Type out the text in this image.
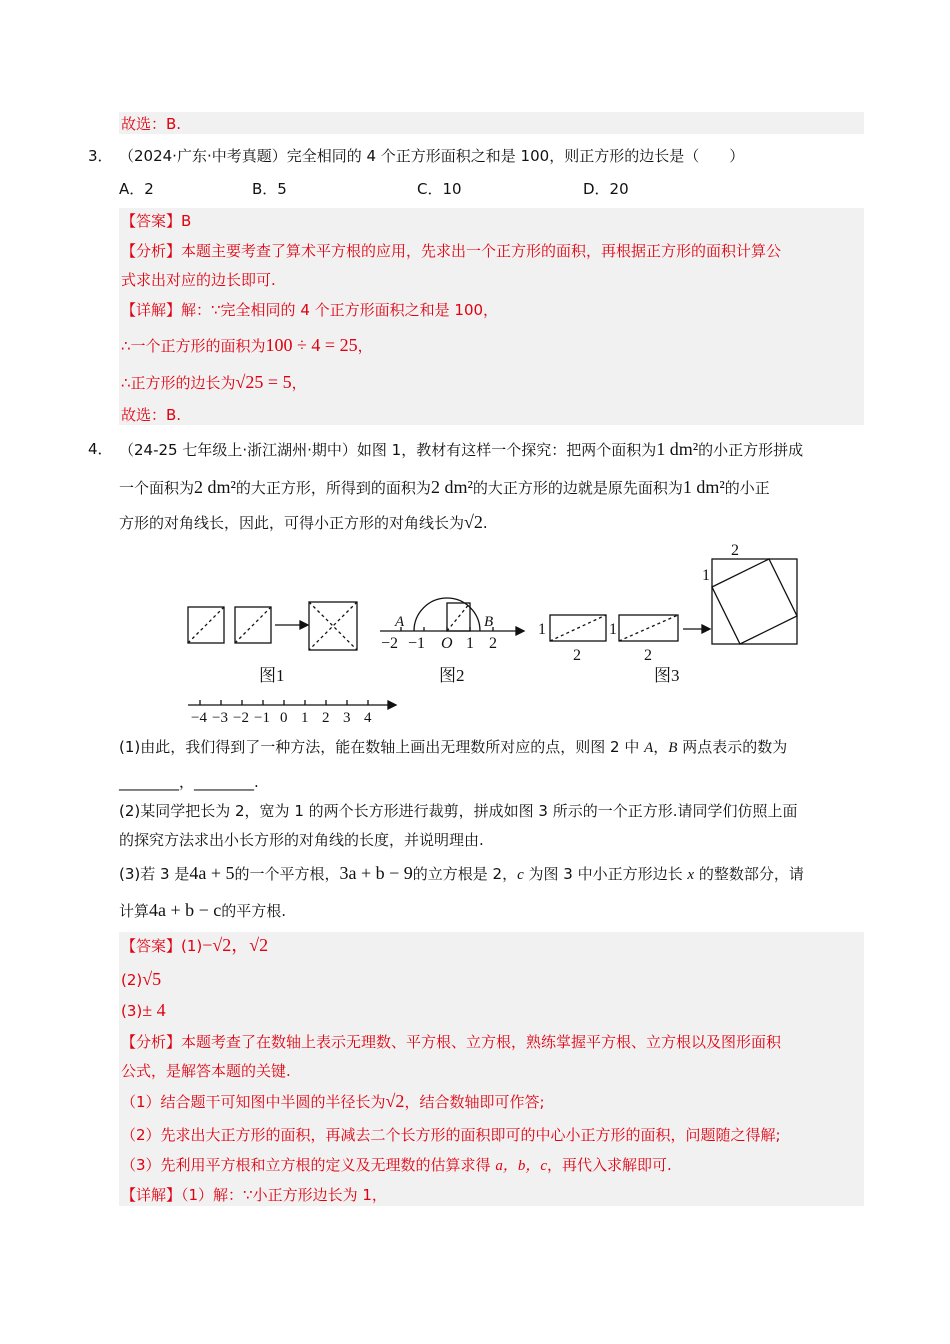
故选：B.
3． （2024·广东·中考真题）完全相同的 4 个正方形面积之和是 100，则正方形的边长是（　　）
A．2	B．5	C．10	D．20
【答案】B
【分析】本题主要考查了算术平方根的应用，先求出一个正方形的面积，再根据正方形的面积计算公
式求出对应的边长即可.
【详解】解：∵完全相同的 4 个正方形面积之和是 100，
∴一个正方形的面积为100 ÷ 4 = 25，
∴正方形的边长为√25 = 5，
故选：B.
4． （24-25 七年级上·浙江湖州·期中）如图 1，教材有这样一个探究：把两个面积为1 dm²的小正方形拼成
一个面积为2 dm²的大正方形，所得到的面积为2 dm²的大正方形的边就是原先面积为1 dm²的小正
方形的对角线长，因此，可得小正方形的对角线长为√2.
图1	图2	图3
A	B
−2 −1 O 1 2
1
2
1
2
2
1
−4 −3 −2 −1 0 1 2 3 4
(1)由此，我们得到了一种方法，能在数轴上画出无理数所对应的点，则图 2 中 A，B 两点表示的数为
________，________.
(2)某同学把长为 2，宽为 1 的两个长方形进行裁剪，拼成如图 3 所示的一个正方形.请同学们仿照上面
的探究方法求出小长方形的对角线的长度，并说明理由.
(3)若 3 是4a + 5的一个平方根，3a + b − 9的立方根是 2，c 为图 3 中小正方形边长 x 的整数部分，请
计算4a + b − c的平方根.
【答案】(1)−√2，√2
(2)√5
(3)± 4
【分析】本题考查了在数轴上表示无理数、平方根、立方根，熟练掌握平方根、立方根以及图形面积
公式，是解答本题的关键.
（1）结合题干可知图中半圆的半径长为√2，结合数轴即可作答;
（2）先求出大正方形的面积，再减去二个长方形的面积即可的中心小正方形的面积，问题随之得解;
（3）先利用平方根和立方根的定义及无理数的估算求得 a，b，c，再代入求解即可.
【详解】（1）解：∵小正方形边长为 1，
